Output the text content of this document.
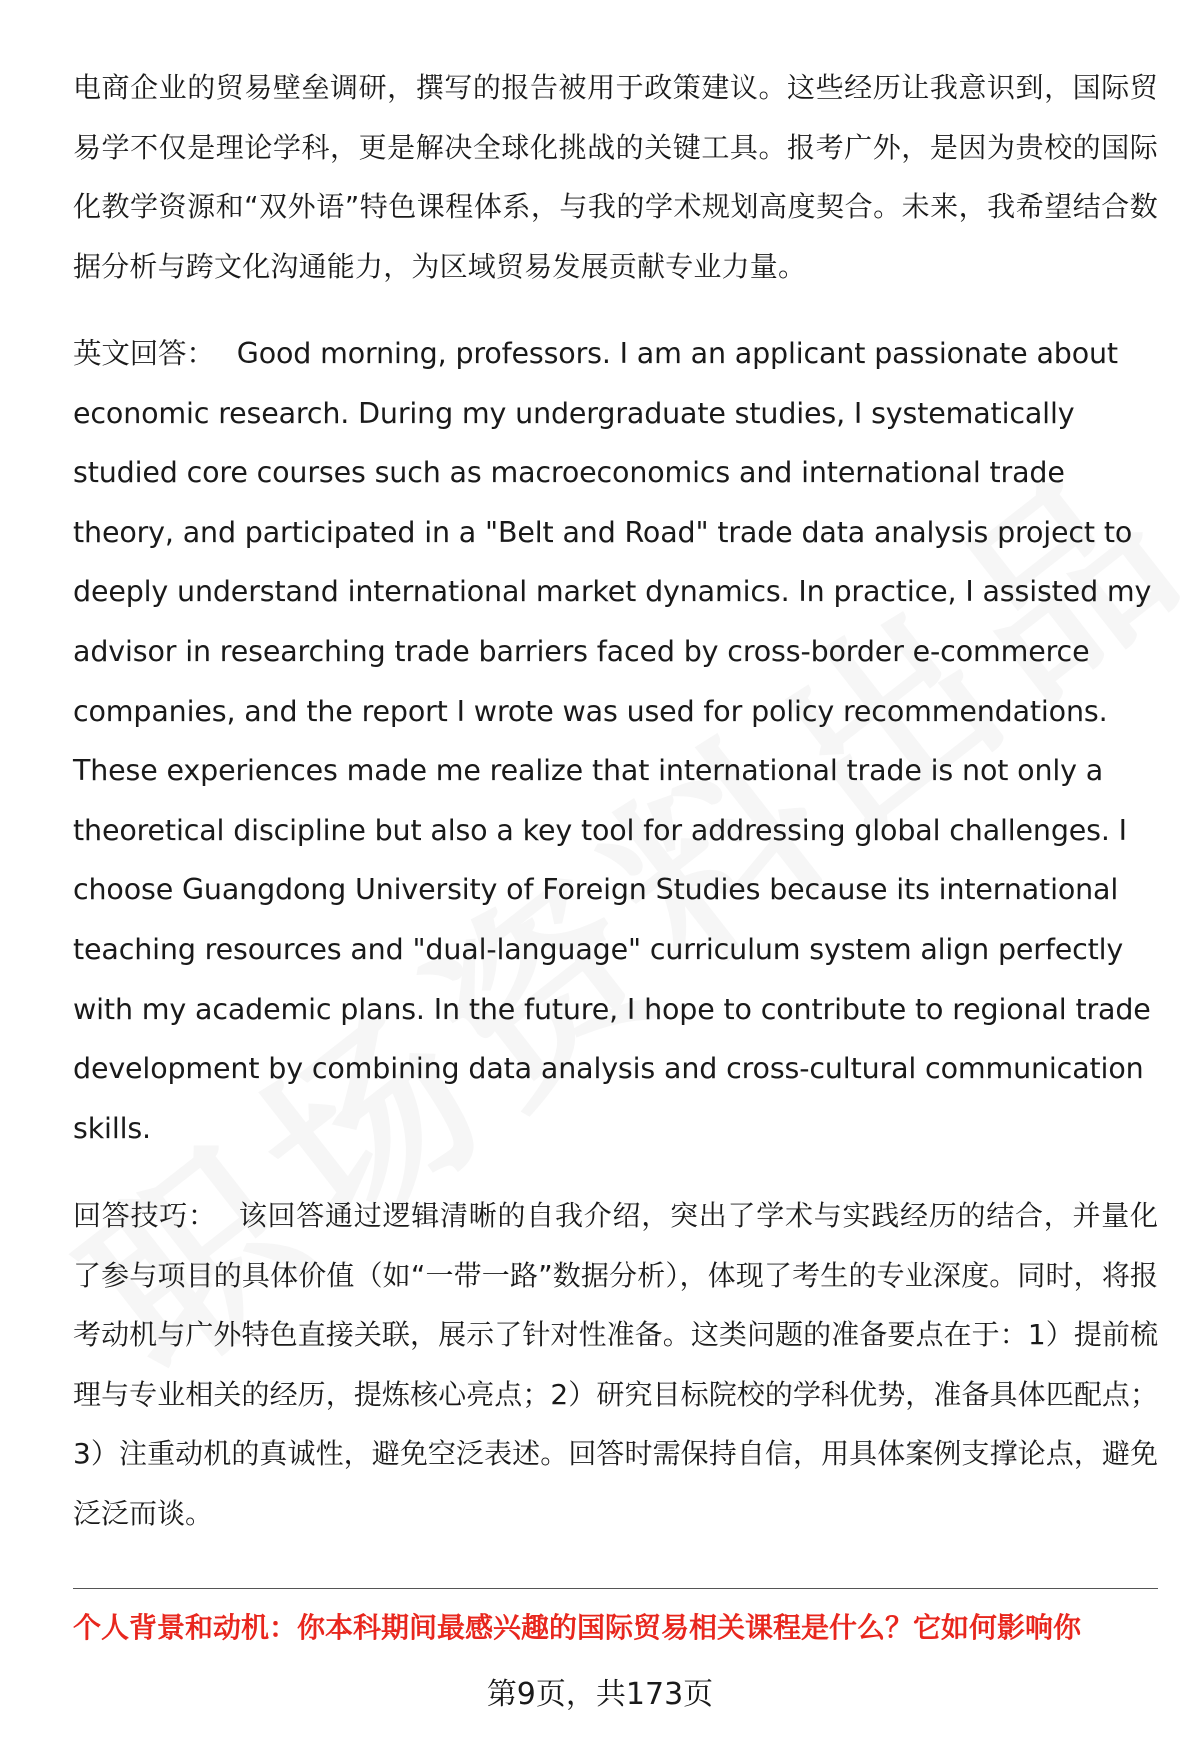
电商企业的贸易壁垒调研，撰写的报告被用于政策建议。这些经历让我意识到，国际贸易学不仅是理论学科，更是解决全球化挑战的关键工具。报考广外，是因为贵校的国际化教学资源和“双外语”特色课程体系，与我的学术规划高度契合。未来，我希望结合数据分析与跨文化沟通能力，为区域贸易发展贡献专业力量。

英文回答： Good morning, professors. I am an applicant passionate about economic research. During my undergraduate studies, I systematically studied core courses such as macroeconomics and international trade theory, and participated in a "Belt and Road" trade data analysis project to deeply understand international market dynamics. In practice, I assisted my advisor in researching trade barriers faced by cross-border e-commerce companies, and the report I wrote was used for policy recommendations. These experiences made me realize that international trade is not only a theoretical discipline but also a key tool for addressing global challenges. I choose Guangdong University of Foreign Studies because its international teaching resources and "dual-language" curriculum system align perfectly with my academic plans. In the future, I hope to contribute to regional trade development by combining data analysis and cross-cultural communication skills.

回答技巧： 该回答通过逻辑清晰的自我介绍，突出了学术与实践经历的结合，并量化了参与项目的具体价值（如“一带一路”数据分析），体现了考生的专业深度。同时，将报考动机与广外特色直接关联，展示了针对性准备。这类问题的准备要点在于：1）提前梳理与专业相关的经历，提炼核心亮点；2）研究目标院校的学科优势，准备具体匹配点；3）注重动机的真诚性，避免空泛表述。回答时需保持自信，用具体案例支撑论点，避免泛泛而谈。

个人背景和动机：你本科期间最感兴趣的国际贸易相关课程是什么？它如何影响你
第9页，共173页
